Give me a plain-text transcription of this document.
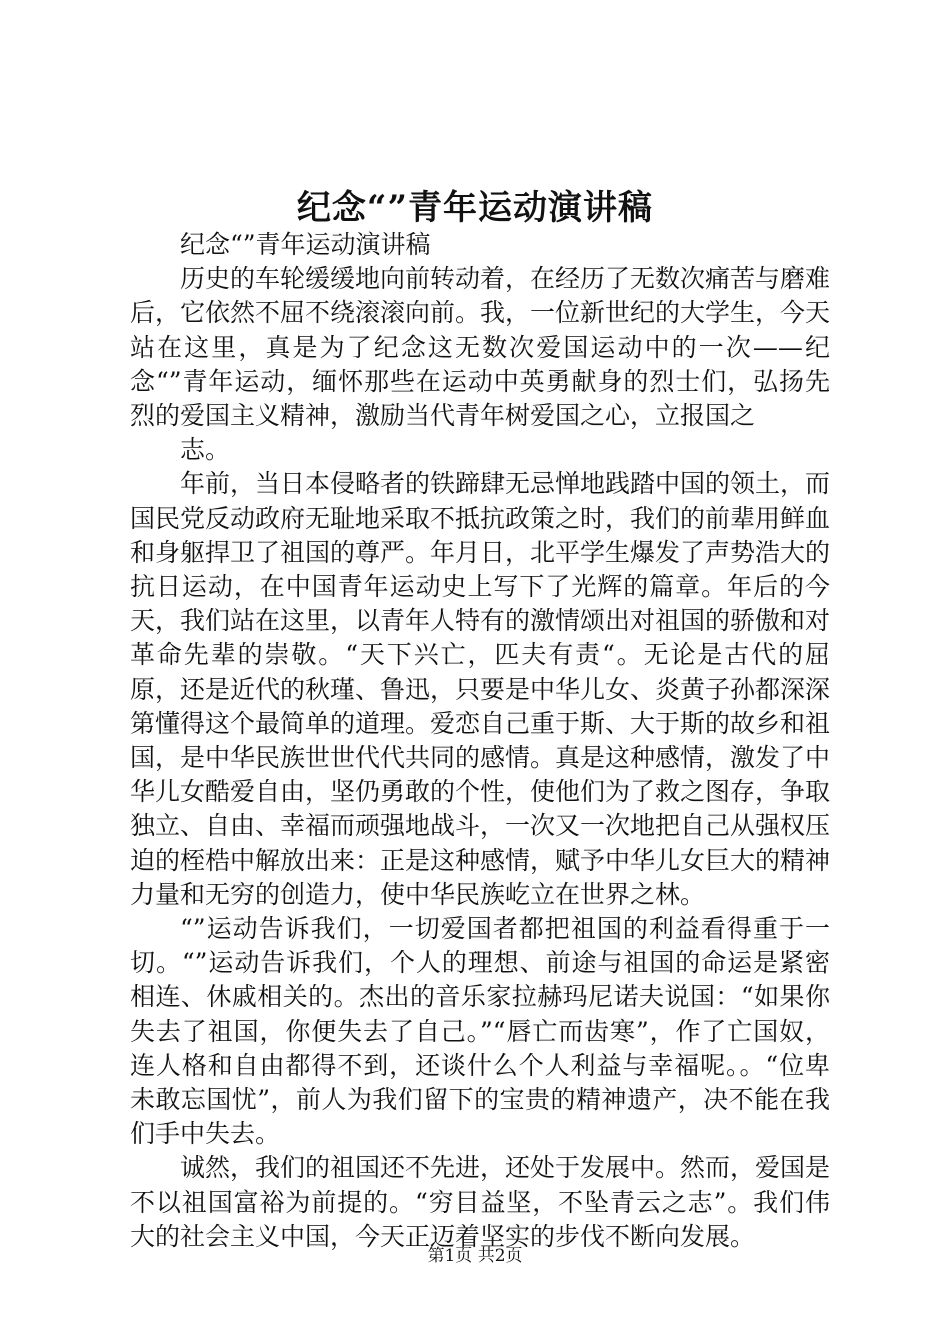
纪念“”青年运动演讲稿

纪念“”青年运动演讲稿

历史的车轮缓缓地向前转动着，在经历了无数次痛苦与磨难后，它依然不屈不绕滚滚向前。我，一位新世纪的大学生，今天站在这里，真是为了纪念这无数次爱国运动中的一次——纪念“”青年运动，缅怀那些在运动中英勇献身的烈士们，弘扬先烈的爱国主义精神，激励当代青年树爱国之心，立报国之

志。

年前，当日本侵略者的铁蹄肆无忌惮地践踏中国的领土，而国民党反动政府无耻地采取不抵抗政策之时，我们的前辈用鲜血和身躯捍卫了祖国的尊严。年月日，北平学生爆发了声势浩大的抗日运动，在中国青年运动史上写下了光辉的篇章。年后的今天，我们站在这里，以青年人特有的激情颂出对祖国的骄傲和对革命先辈的崇敬。“天下兴亡，匹夫有责“。无论是古代的屈原，还是近代的秋瑾、鲁迅，只要是中华儿女、炎黄子孙都深深第懂得这个最简单的道理。爱恋自己重于斯、大于斯的故乡和祖国，是中华民族世世代代共同的感情。真是这种感情，激发了中华儿女酷爱自由，坚仍勇敢的个性，使他们为了救之图存，争取独立、自由、幸福而顽强地战斗，一次又一次地把自己从强权压迫的桎梏中解放出来：正是这种感情，赋予中华儿女巨大的精神力量和无穷的创造力，使中华民族屹立在世界之林。

“”运动告诉我们，一切爱国者都把祖国的利益看得重于一切。“”运动告诉我们，个人的理想、前途与祖国的命运是紧密相连、休戚相关的。杰出的音乐家拉赫玛尼诺夫说国：“如果你失去了祖国，你便失去了自己。”“唇亡而齿寒”，作了亡国奴，连人格和自由都得不到，还谈什么个人利益与幸福呢。。“位卑未敢忘国忧”，前人为我们留下的宝贵的精神遗产，决不能在我们手中失去。

诚然，我们的祖国还不先进，还处于发展中。然而，爱国是不以祖国富裕为前提的。“穷目益坚，不坠青云之志”。我们伟大的社会主义中国，今天正迈着坚实的步伐不断向发展。

第1页 共2页
